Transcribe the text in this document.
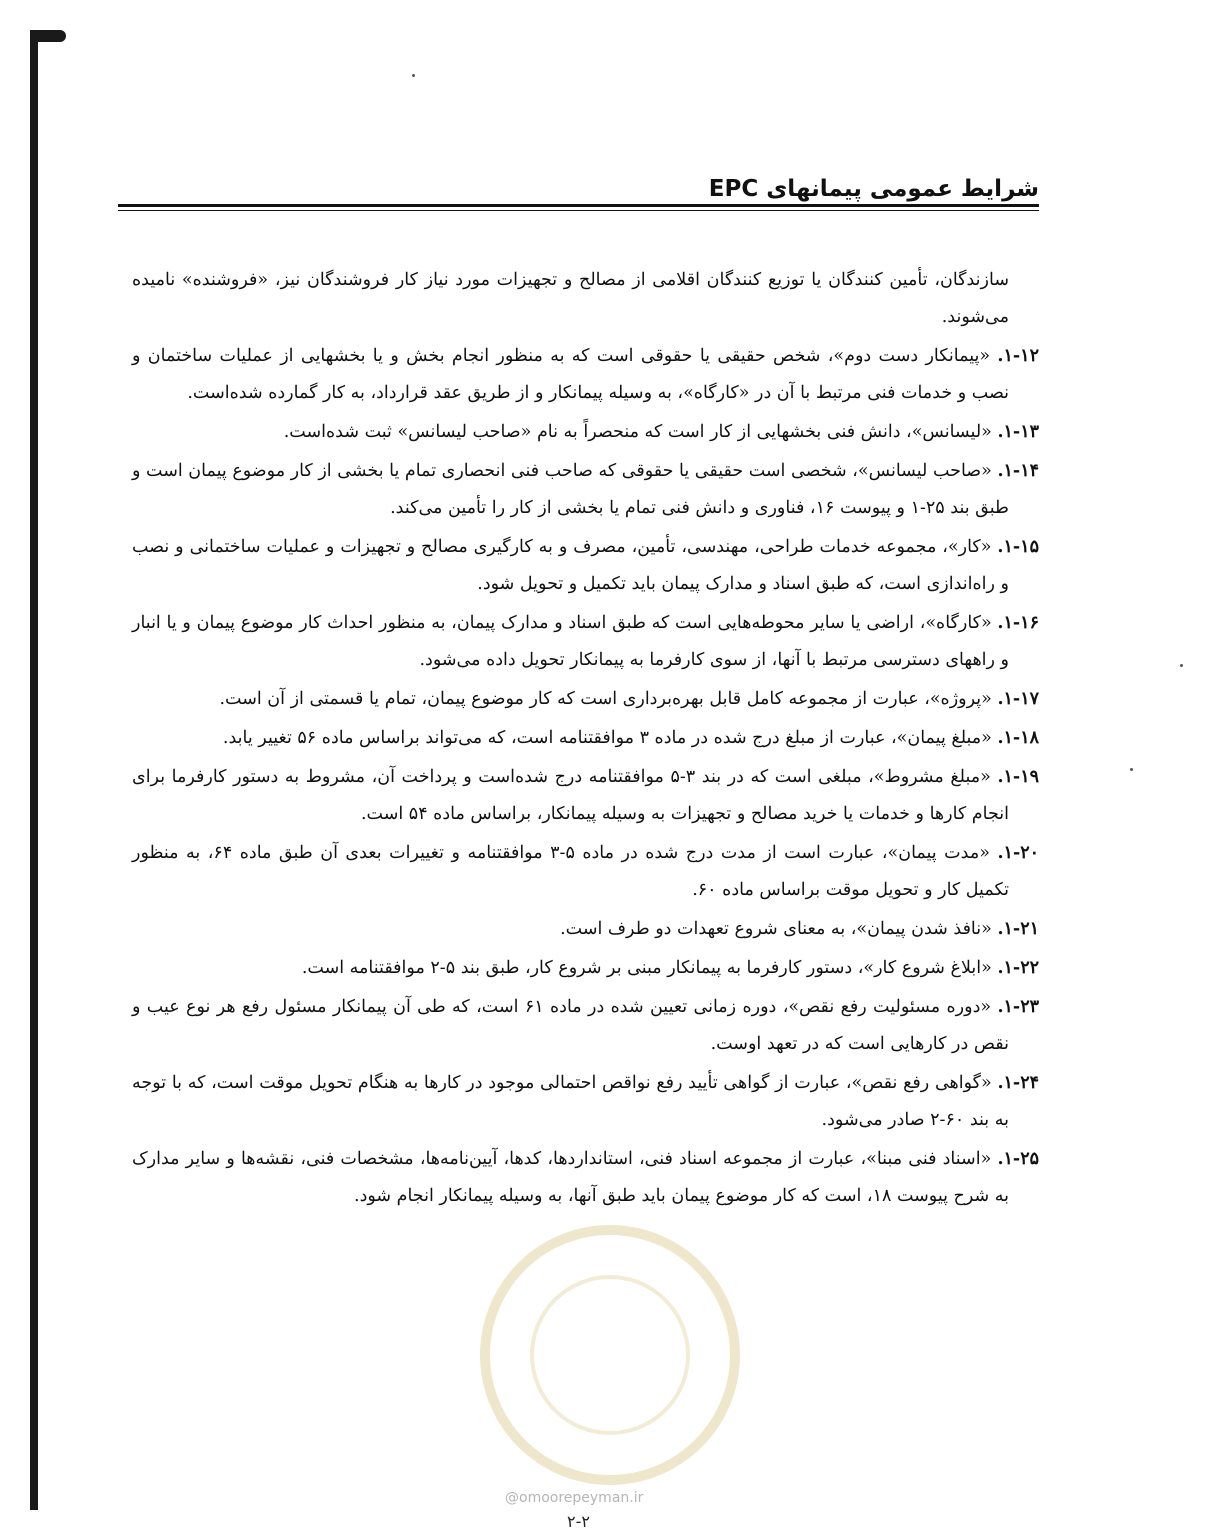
شرایط عمومی پیمانهای EPC

سازندگان، تأمین کنندگان یا توزیع کنندگان اقلامی از مصالح و تجهیزات مورد نیاز کار فروشندگان نیز، «فروشنده» نامیده می‌شوند.

۱-۱۲. «پیمانکار دست دوم»، شخص حقیقی یا حقوقی است که به منظور انجام بخش و یا بخشهایی از عملیات ساختمان و نصب و خدمات فنی مرتبط با آن در «کارگاه»، به وسیله پیمانکار و از طریق عقد قرارداد، به کار گمارده شده‌است.

۱-۱۳. «لیسانس»، دانش فنی بخشهایی از کار است که منحصراً به نام «صاحب لیسانس» ثبت شده‌است.

۱-۱۴. «صاحب لیسانس»، شخصی است حقیقی یا حقوقی که صاحب فنی انحصاری تمام یا بخشی از کار موضوع پیمان است و طبق بند ۲۵-۱ و پیوست ۱۶، فناوری و دانش فنی تمام یا بخشی از کار را تأمین می‌کند.

۱-۱۵. «کار»، مجموعه خدمات طراحی، مهندسی، تأمین، مصرف و به کارگیری مصالح و تجهیزات و عملیات ساختمانی و نصب و راه‌اندازی است، که طبق اسناد و مدارک پیمان باید تکمیل و تحویل شود.

۱-۱۶. «کارگاه»، اراضی یا سایر محوطه‌هایی است که طبق اسناد و مدارک پیمان، به منظور احداث کار موضوع پیمان و یا انبار و راههای دسترسی مرتبط با آنها، از سوی کارفرما به پیمانکار تحویل داده می‌شود.

۱-۱۷. «پروژه»، عبارت از مجموعه کامل قابل بهره‌برداری است که کار موضوع پیمان، تمام یا قسمتی از آن است.

۱-۱۸. «مبلغ پیمان»، عبارت از مبلغ درج شده در ماده ۳ موافقتنامه است، که می‌تواند براساس ماده ۵۶ تغییر یابد.

۱-۱۹. «مبلغ مشروط»، مبلغی است که در بند ۳-۵ موافقتنامه درج شده‌است و پرداخت آن، مشروط به دستور کارفرما برای انجام کارها و خدمات یا خرید مصالح و تجهیزات به وسیله پیمانکار، براساس ماده ۵۴ است.

۱-۲۰. «مدت پیمان»، عبارت است از مدت درج شده در ماده ۵-۳ موافقتنامه و تغییرات بعدی آن طبق ماده ۶۴، به منظور تکمیل کار و تحویل موقت براساس ماده ۶۰.

۱-۲۱. «نافذ شدن پیمان»، به معنای شروع تعهدات دو طرف است.

۱-۲۲. «ابلاغ شروع کار»، دستور کارفرما به پیمانکار مبنی بر شروع کار، طبق بند ۵-۲ موافقتنامه است.

۱-۲۳. «دوره مسئولیت رفع نقص»، دوره زمانی تعیین شده در ماده ۶۱ است، که طی آن پیمانکار مسئول رفع هر نوع عیب و نقص در کارهایی است که در تعهد اوست.

۱-۲۴. «گواهی رفع نقص»، عبارت از گواهی تأیید رفع نواقص احتمالی موجود در کارها به هنگام تحویل موقت است، که با توجه به بند ۶۰-۲ صادر می‌شود.

۱-۲۵. «اسناد فنی مبنا»، عبارت از مجموعه اسناد فنی، استانداردها، کدها، آیین‌نامه‌ها، مشخصات فنی، نقشه‌ها و سایر مدارک به شرح پیوست ۱۸، است که کار موضوع پیمان باید طبق آنها، به وسیله پیمانکار انجام شود.

@omoorepeyman.ir
۲-۲
